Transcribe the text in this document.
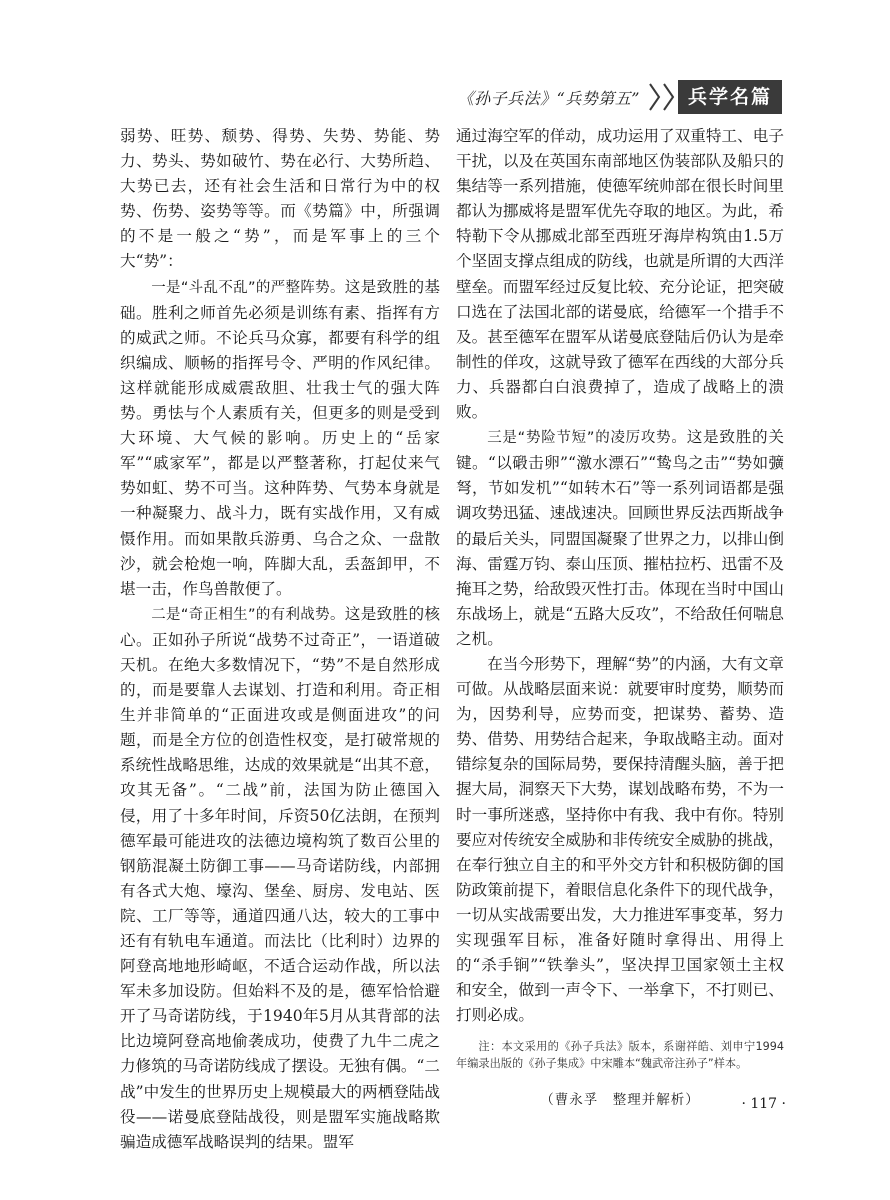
《孙子兵法》“兵势第五”	兵学名篇

弱势、旺势、颓势、得势、失势、势能、势力、势头、势如破竹、势在必行、大势所趋、大势已去，还有社会生活和日常行为中的权势、伤势、姿势等等。而《势篇》中，所强调的不是一般之“势”，而是军事上的三个大“势”：

一是“斗乱不乱”的严整阵势。这是致胜的基础。胜利之师首先必须是训练有素、指挥有方的威武之师。不论兵马众寡，都要有科学的组织编成、顺畅的指挥号令、严明的作风纪律。这样就能形成威震敌胆、壮我士气的强大阵势。勇怯与个人素质有关，但更多的则是受到大环境、大气候的影响。历史上的“岳家军”“戚家军”，都是以严整著称，打起仗来气势如虹、势不可当。这种阵势、气势本身就是一种凝聚力、战斗力，既有实战作用，又有威慑作用。而如果散兵游勇、乌合之众、一盘散沙，就会枪炮一响，阵脚大乱，丢盔卸甲，不堪一击，作鸟兽散便了。

二是“奇正相生”的有利战势。这是致胜的核心。正如孙子所说“战势不过奇正”，一语道破天机。在绝大多数情况下，“势”不是自然形成的，而是要靠人去谋划、打造和利用。奇正相生并非简单的“正面进攻或是侧面进攻”的问题，而是全方位的创造性权变，是打破常规的系统性战略思维，达成的效果就是“出其不意，攻其无备”。“二战”前，法国为防止德国入侵，用了十多年时间，斥资50亿法朗，在预判德军最可能进攻的法德边境构筑了数百公里的钢筋混凝土防御工事——马奇诺防线，内部拥有各式大炮、壕沟、堡垒、厨房、发电站、医院、工厂等等，通道四通八达，较大的工事中还有有轨电车通道。而法比（比利时）边界的阿登高地地形崎岖，不适合运动作战，所以法军未多加设防。但始料不及的是，德军恰恰避开了马奇诺防线，于1940年5月从其背部的法比边境阿登高地偷袭成功，使费了九牛二虎之力修筑的马奇诺防线成了摆设。无独有偶。“二战”中发生的世界历史上规模最大的两栖登陆战役——诺曼底登陆战役，则是盟军实施战略欺骗造成德军战略误判的结果。盟军

通过海空军的佯动，成功运用了双重特工、电子干扰，以及在英国东南部地区伪装部队及船只的集结等一系列措施，使德军统帅部在很长时间里都认为挪威将是盟军优先夺取的地区。为此，希特勒下令从挪威北部至西班牙海岸构筑由1.5万个坚固支撑点组成的防线，也就是所谓的大西洋壁垒。而盟军经过反复比较、充分论证，把突破口选在了法国北部的诺曼底，给德军一个措手不及。甚至德军在盟军从诺曼底登陆后仍认为是牵制性的佯攻，这就导致了德军在西线的大部分兵力、兵器都白白浪费掉了，造成了战略上的溃败。

三是“势险节短”的凌厉攻势。这是致胜的关键。“以碫击卵”“激水漂石”“鸷鸟之击”“势如彍弩，节如发机”“如转木石”等一系列词语都是强调攻势迅猛、速战速决。回顾世界反法西斯战争的最后关头，同盟国凝聚了世界之力，以排山倒海、雷霆万钧、泰山压顶、摧枯拉朽、迅雷不及掩耳之势，给敌毁灭性打击。体现在当时中国山东战场上，就是“五路大反攻”，不给敌任何喘息之机。

在当今形势下，理解“势”的内涵，大有文章可做。从战略层面来说：就要审时度势，顺势而为，因势利导，应势而变，把谋势、蓄势、造势、借势、用势结合起来，争取战略主动。面对错综复杂的国际局势，要保持清醒头脑，善于把握大局，洞察天下大势，谋划战略布势，不为一时一事所迷惑，坚持你中有我、我中有你。特别要应对传统安全威胁和非传统安全威胁的挑战，在奉行独立自主的和平外交方针和积极防御的国防政策前提下，着眼信息化条件下的现代战争，一切从实战需要出发，大力推进军事变革，努力实现强军目标，准备好随时拿得出、用得上的“杀手锏”“铁拳头”，坚决捍卫国家领土主权和安全，做到一声令下、一举拿下，不打则已、打则必成。

注：本文采用的《孙子兵法》版本，系谢祥皓、刘申宁1994年编录出版的《孙子集成》中宋雕本“魏武帝注孙子”样本。
（曹永孚　整理并解析）	· 117 ·
